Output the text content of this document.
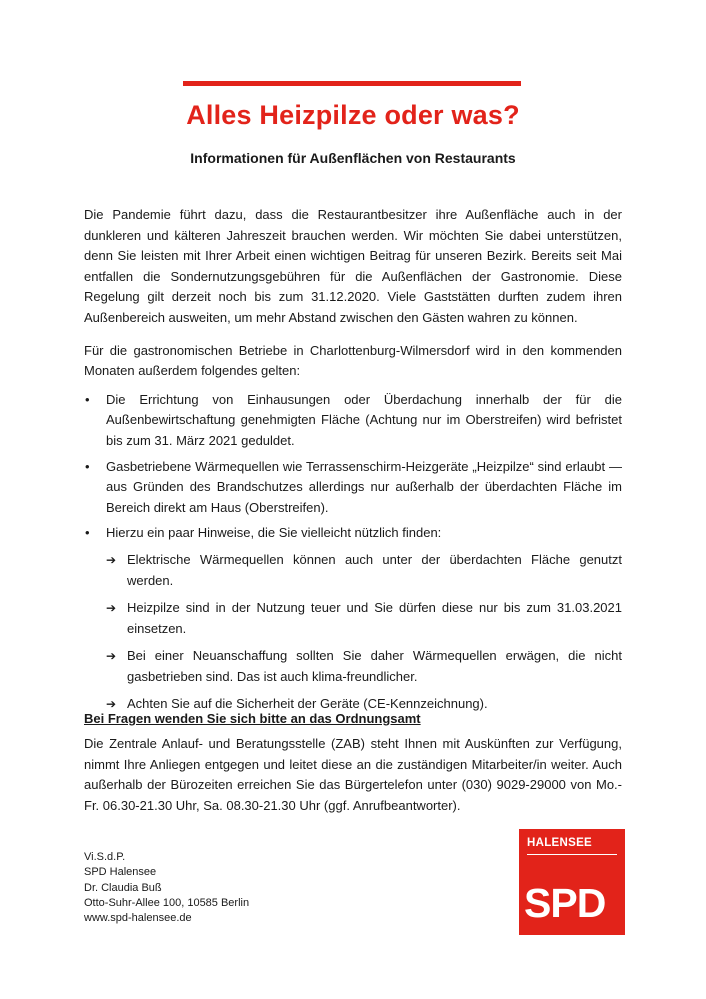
Alles Heizpilze oder was?
Informationen für Außenflächen von Restaurants

Die Pandemie führt dazu, dass die Restaurantbesitzer ihre Außenfläche auch in der dunkleren und kälteren Jahreszeit brauchen werden. Wir möchten Sie dabei unterstützen, denn Sie leisten mit Ihrer Arbeit einen wichtigen Beitrag für unseren Bezirk. Bereits seit Mai entfallen die Sondernutzungsgebühren für die Außenflächen der Gastronomie. Diese Regelung gilt derzeit noch bis zum 31.12.2020. Viele Gaststätten durften zudem ihren Außenbereich ausweiten, um mehr Abstand zwischen den Gästen wahren zu können.

Für die gastronomischen Betriebe in Charlottenburg-Wilmersdorf wird in den kommenden Monaten außerdem folgendes gelten:

• Die Errichtung von Einhausungen oder Überdachung innerhalb der für die Außenbewirtschaftung genehmigten Fläche (Achtung nur im Oberstreifen) wird befristet bis zum 31. März 2021 geduldet.
• Gasbetriebene Wärmequellen wie Terrassenschirm-Heizgeräte „Heizpilze“ sind erlaubt — aus Gründen des Brandschutzes allerdings nur außerhalb der überdachten Fläche im Bereich direkt am Haus (Oberstreifen).
• Hierzu ein paar Hinweise, die Sie vielleicht nützlich finden:
➔ Elektrische Wärmequellen können auch unter der überdachten Fläche genutzt werden.
➔ Heizpilze sind in der Nutzung teuer und Sie dürfen diese nur bis zum 31.03.2021 einsetzen.
➔ Bei einer Neuanschaffung sollten Sie daher Wärmequellen erwägen, die nicht gasbetrieben sind. Das ist auch klima-freundlicher.
➔ Achten Sie auf die Sicherheit der Geräte (CE-Kennzeichnung).
Bei Fragen wenden Sie sich bitte an das Ordnungsamt

Die Zentrale Anlauf- und Beratungsstelle (ZAB) steht Ihnen mit Auskünften zur Verfügung, nimmt Ihre Anliegen entgegen und leitet diese an die zuständigen Mitarbeiter/in weiter. Auch außerhalb der Bürozeiten erreichen Sie das Bürgertelefon unter (030) 9029-29000 von Mo.-Fr. 06.30-21.30 Uhr, Sa. 08.30-21.30 Uhr (ggf. Anrufbeantworter).

Vi.S.d.P.
SPD Halensee
Dr. Claudia Buß
Otto-Suhr-Allee 100, 10585 Berlin
www.spd-halensee.de
HALENSEE
SPD
